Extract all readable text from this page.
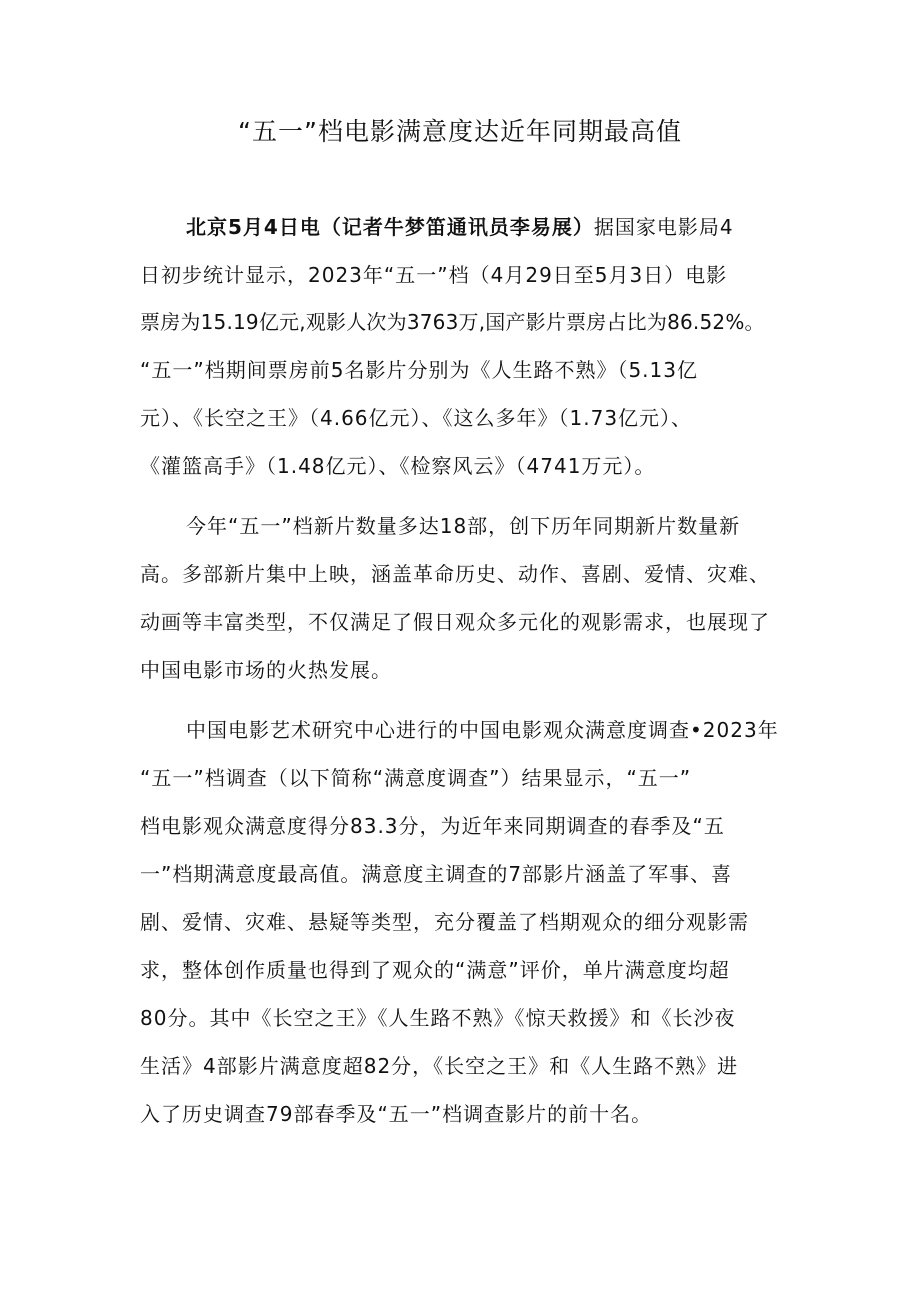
“五一”档电影满意度达近年同期最高值
北京5月4日电（记者牛梦笛通讯员李易展）据国家电影局4
日初步统计显示，2023年“五一”档（4月29日至5月3日）电影
票房为15.19亿元,观影人次为3763万,国产影片票房占比为86.52%。
“五一”档期间票房前5名影片分别为《人生路不熟》（5.13亿
元）、《长空之王》（4.66亿元）、《这么多年》（1.73亿元）、
《灌篮高手》（1.48亿元）、《检察风云》（4741万元）。
今年“五一”档新片数量多达18部，创下历年同期新片数量新
高。多部新片集中上映，涵盖革命历史、动作、喜剧、爱情、灾难、
动画等丰富类型，不仅满足了假日观众多元化的观影需求，也展现了
中国电影市场的火热发展。
中国电影艺术研究中心进行的中国电影观众满意度调查•2023年
“五一”档调查（以下简称“满意度调查”）结果显示，“五一”
档电影观众满意度得分83.3分，为近年来同期调查的春季及“五
一”档期满意度最高值。满意度主调查的7部影片涵盖了军事、喜
剧、爱情、灾难、悬疑等类型，充分覆盖了档期观众的细分观影需
求，整体创作质量也得到了观众的“满意”评价，单片满意度均超
80分。其中《长空之王》《人生路不熟》《惊天救援》和《长沙夜
生活》4部影片满意度超82分，《长空之王》和《人生路不熟》进
入了历史调查79部春季及“五一”档调查影片的前十名。
